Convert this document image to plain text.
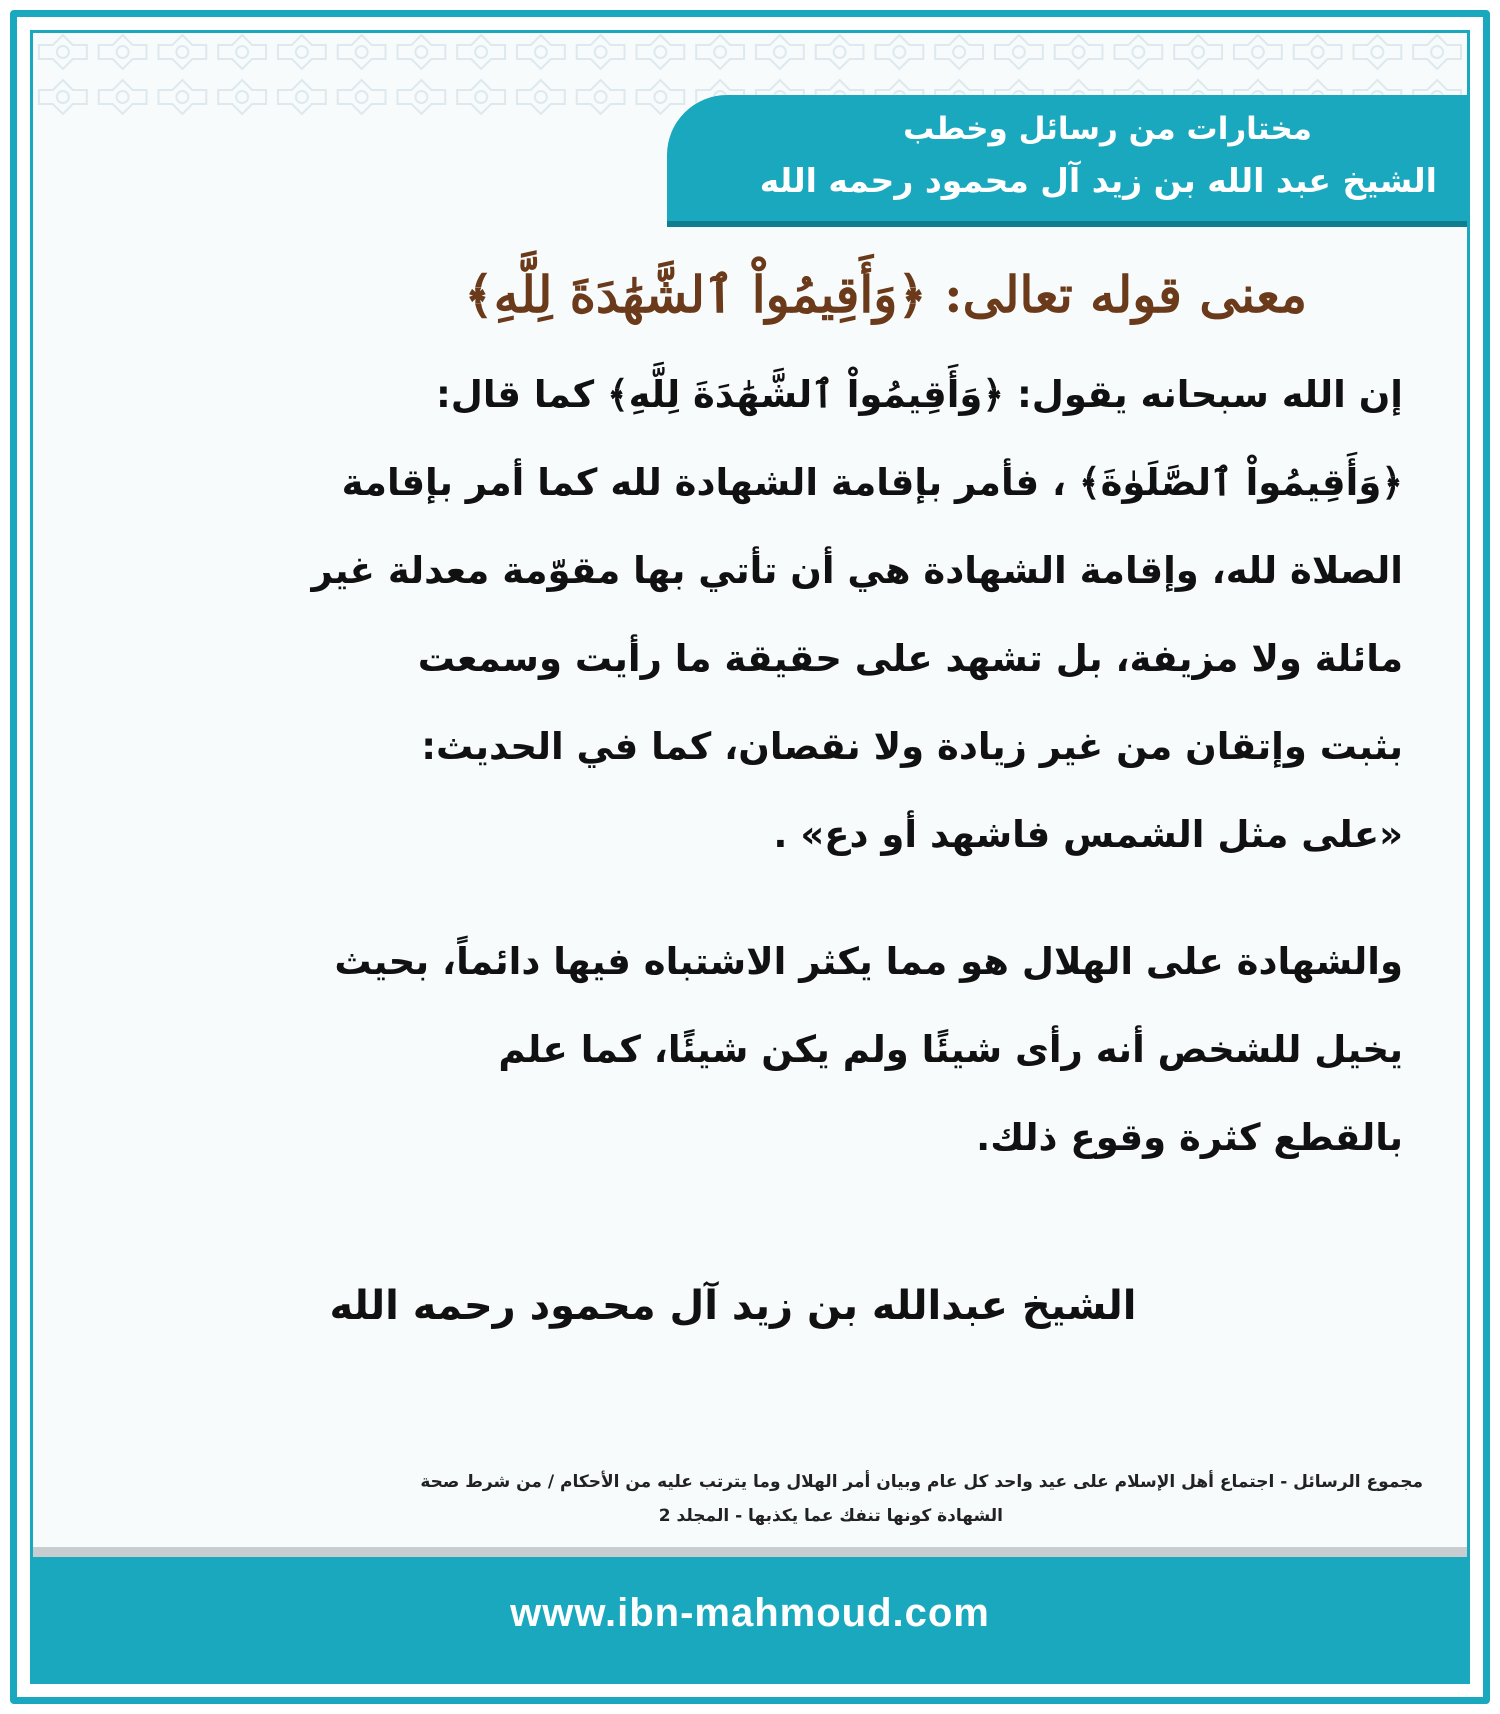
مختارات من رسائل وخطب
الشيخ عبد الله بن زيد آل محمود رحمه الله
معنى قوله تعالى: ﴿وَأَقِيمُواْ ٱلشَّهَٰدَةَ لِلَّهِ﴾
إن الله سبحانه يقول: ﴿وَأَقِيمُواْ ٱلشَّهَٰدَةَ لِلَّهِ﴾ كما قال:
﴿وَأَقِيمُواْ ٱلصَّلَوٰةَ﴾ ، فأمر بإقامة الشهادة لله كما أمر بإقامة
الصلاة لله، وإقامة الشهادة هي أن تأتي بها مقوّمة معدلة غير
مائلة ولا مزيفة، بل تشهد على حقيقة ما رأيت وسمعت
بثبت وإتقان من غير زيادة ولا نقصان، كما في الحديث:
«على مثل الشمس فاشهد أو دع» .
والشهادة على الهلال هو مما يكثر الاشتباه فيها دائماً، بحيث
يخيل للشخص أنه رأى شيئًا ولم يكن شيئًا، كما علم
بالقطع كثرة وقوع ذلك.
الشيخ عبدالله بن زيد آل محمود رحمه الله
مجموع الرسائل - اجتماع أهل الإسلام على عيد واحد كل عام وبيان أمر الهلال وما يترتب عليه من الأحكام / من شرط صحة
الشهادة كونها تنفك عما يكذبها - المجلد 2
www.ibn-mahmoud.com
